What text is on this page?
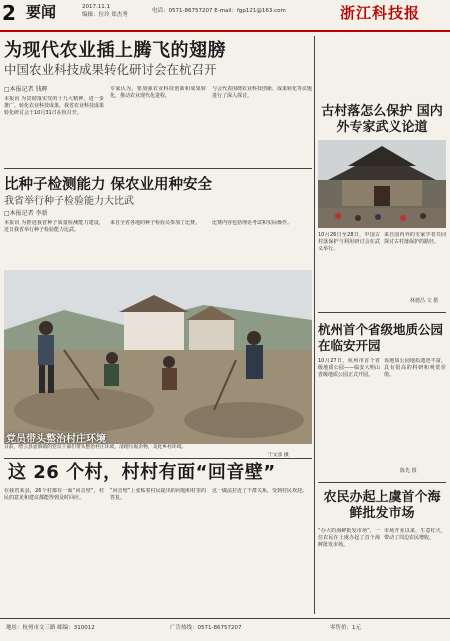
2 要闻	2017.11.1
编辑：位玲 郑杰秀
电话：0571-86757207 E-mail：fgp121@163.com	浙江科技报
为现代农业插上腾飞的翅膀
中国农业科技成果转化研讨会在杭召开
□本报记者 钱晖
本报讯 为贯彻落实党的十九大精神，进一步推广、转化农业科技成果，我省农业科技成果转化研讨会于10月31日在杭召开。
专家认为，要加强农业科技创新和成果转化，推动农业现代化进程。
与会代表围绕农业科技创新、成果转化等议题进行了深入探讨。
比种子检测能力 保农业用种安全
我省举行种子检验能力大比武
□本报记者 李新
本报讯 为推进我省种子质量检测能力建设，近日我省举行种子检验能力比武。
来自全省各地的种子检验员参加了比赛。	比赛内容包括理论考试和实际操作。
党员带头整治村庄环境
日前，缙云县壶镇镇的党员干部们带头整治村庄环境，清理垃圾杂物，美化乡村环境。
宁文彦 摄
这 26 个村，村村有面“回音壁”
在我省某县，26个村都有一面“回音壁”，村民的意见和建议都能得到及时回应。
“回音壁”上张贴着村民提出的问题和村里的答复。
这一做法拉近了干群关系，受到村民欢迎。
古村落怎么保护 国内外专家武义论道
10月26日至28日，中国古村落保护与利用研讨会在武义举行。
来自国内外的专家学者共同探讨古村落保护的路径。
林德昌 文 摄
杭州首个省级地质公园在临安开园
10月27日，杭州市首个省级地质公园——临安大明山省级地质公园正式开园。
该地质公园地质遗迹丰富，具有很高的科研和观赏价值。
陈先 摄
农民办起上虞首个海鲜批发市场
“办大的海鲜批发市场”，一位农民在上虞办起了首个海鲜批发市场。
市场开业以来，生意红火，带动了周边农民增收。
地址：杭州市文三路 邮编：310012	广告热线：0571-86757207	零售价：1元
